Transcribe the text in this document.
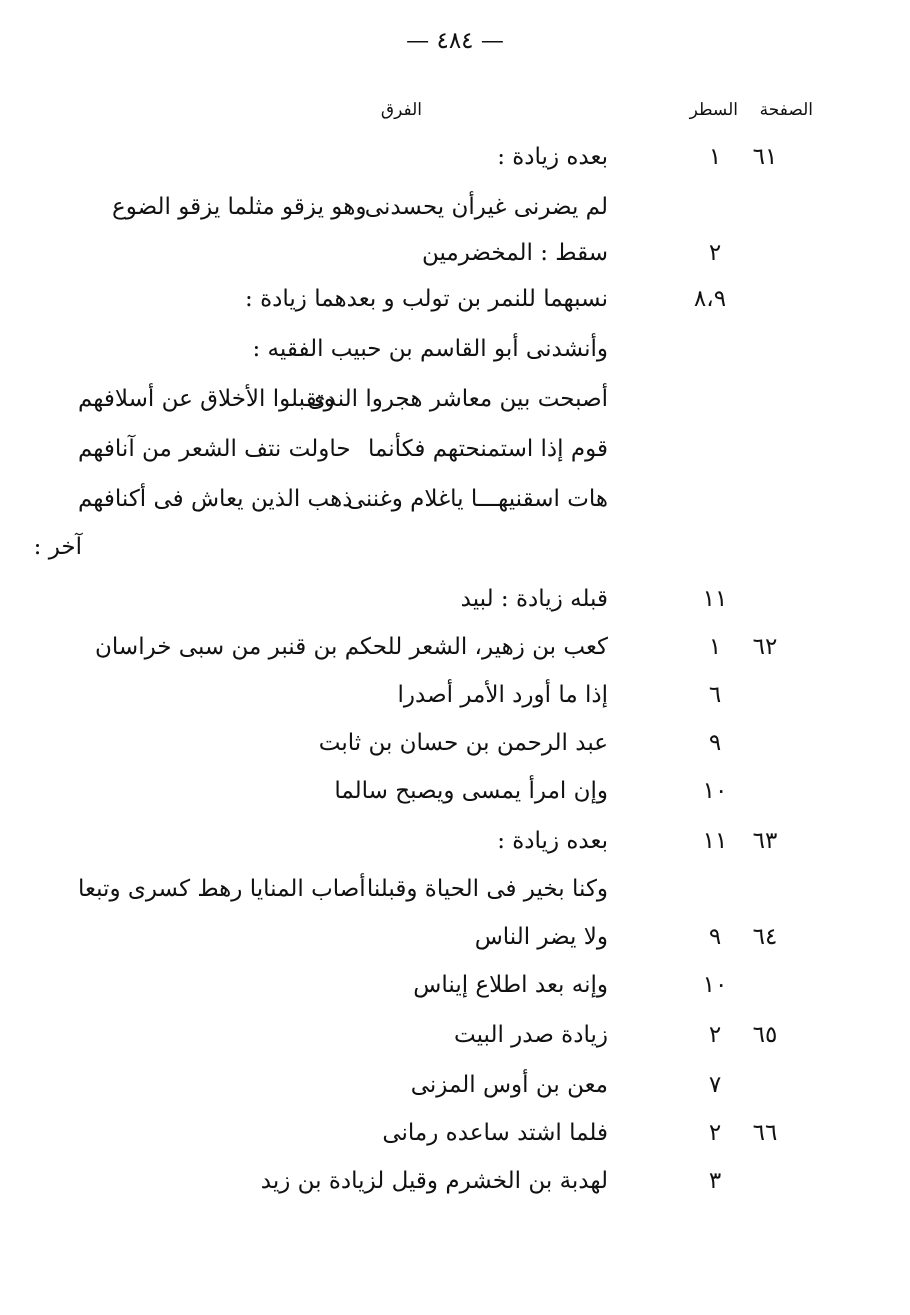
— ٤٨٤ —
الصفحة
السطر
الفرق
٦١
١
بعده زيادة :
لم يضرنى غيرأن يحسدنى
وهو يزقو مثلما يزقو الضوع
٢
سقط : المخضرمين
٨،٩
نسبهما للنمر بن تولب و بعدهما زيادة :
وأنشدنى أبو القاسم بن حبيب الفقيه :
أصبحت بين معاشر هجروا الندى
وتقبلوا الأخلاق عن أسلافهم
قوم إذا استمنحتهم فكأنما
حاولت نتف الشعر من آنافهم
هات اسقنيهـــا ياغلام وغننى
ذهب الذين يعاش فى أكنافهم
آخر :
١١
قبله زيادة : لبيد
٦٢
١
كعب بن زهير، الشعر للحكم بن قنبر من سبى خراسان
٦
إذا ما أورد الأمر أصدرا
٩
عبد الرحمن بن حسان بن ثابت
١٠
وإن امرأ يمسى ويصبح سالما
٦٣
١١
بعده زيادة :
وكنا بخير فى الحياة وقبلنا
أصاب المنايا رهط كسرى وتبعا
٦٤
٩
ولا يضر الناس
١٠
وإنه بعد اطلاع إيناس
٦٥
٢
زيادة صدر البيت
٧
معن بن أوس المزنى
٦٦
٢
فلما اشتد ساعده رمانى
٣
لهدبة بن الخشرم وقيل لزيادة بن زيد
